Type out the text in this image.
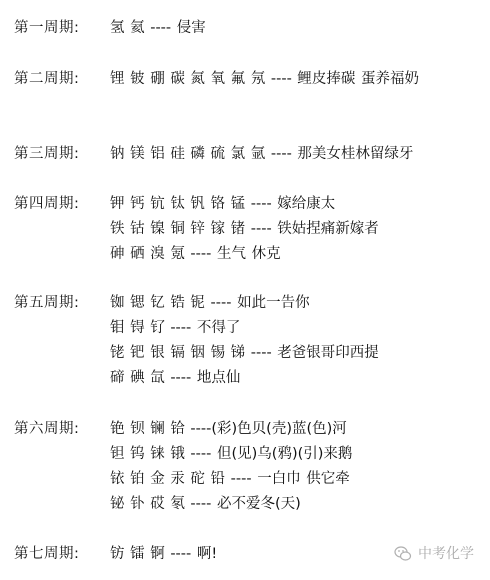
第一周期: 氢 氦 ---- 侵害
第二周期: 锂 铍 硼 碳 氮 氧 氟 氖 ---- 鲤皮捧碳 蛋养福奶
第三周期: 钠 镁 铝 硅 磷 硫 氯 氩 ---- 那美女桂林留绿牙
第四周期: 钾 钙 钪 钛 钒 铬 锰 ---- 嫁给康太
铁 钴 镍 铜 锌 镓 锗 ---- 铁姑捏痛新嫁者
砷 硒 溴 氪 ---- 生气 休克
第五周期: 铷 锶 钇 锆 铌 ---- 如此一告你
钼 锝 钌 ---- 不得了
铑 钯 银 镉 铟 锡 锑 ---- 老爸银哥印西提
碲 碘 氙 ---- 地点仙
第六周期: 铯 钡 镧 铪 ----(彩)色贝(壳)蓝(色)河
钽 钨 铼 锇 ---- 但(见)乌(鸦)(引)来鹅
铱 铂 金 汞 砣 铅 ---- 一白巾 供它牵
铋 钋 砹 氡 ---- 必不爱冬(天)
第七周期: 钫 镭 锕 ---- 啊!	中考化学
